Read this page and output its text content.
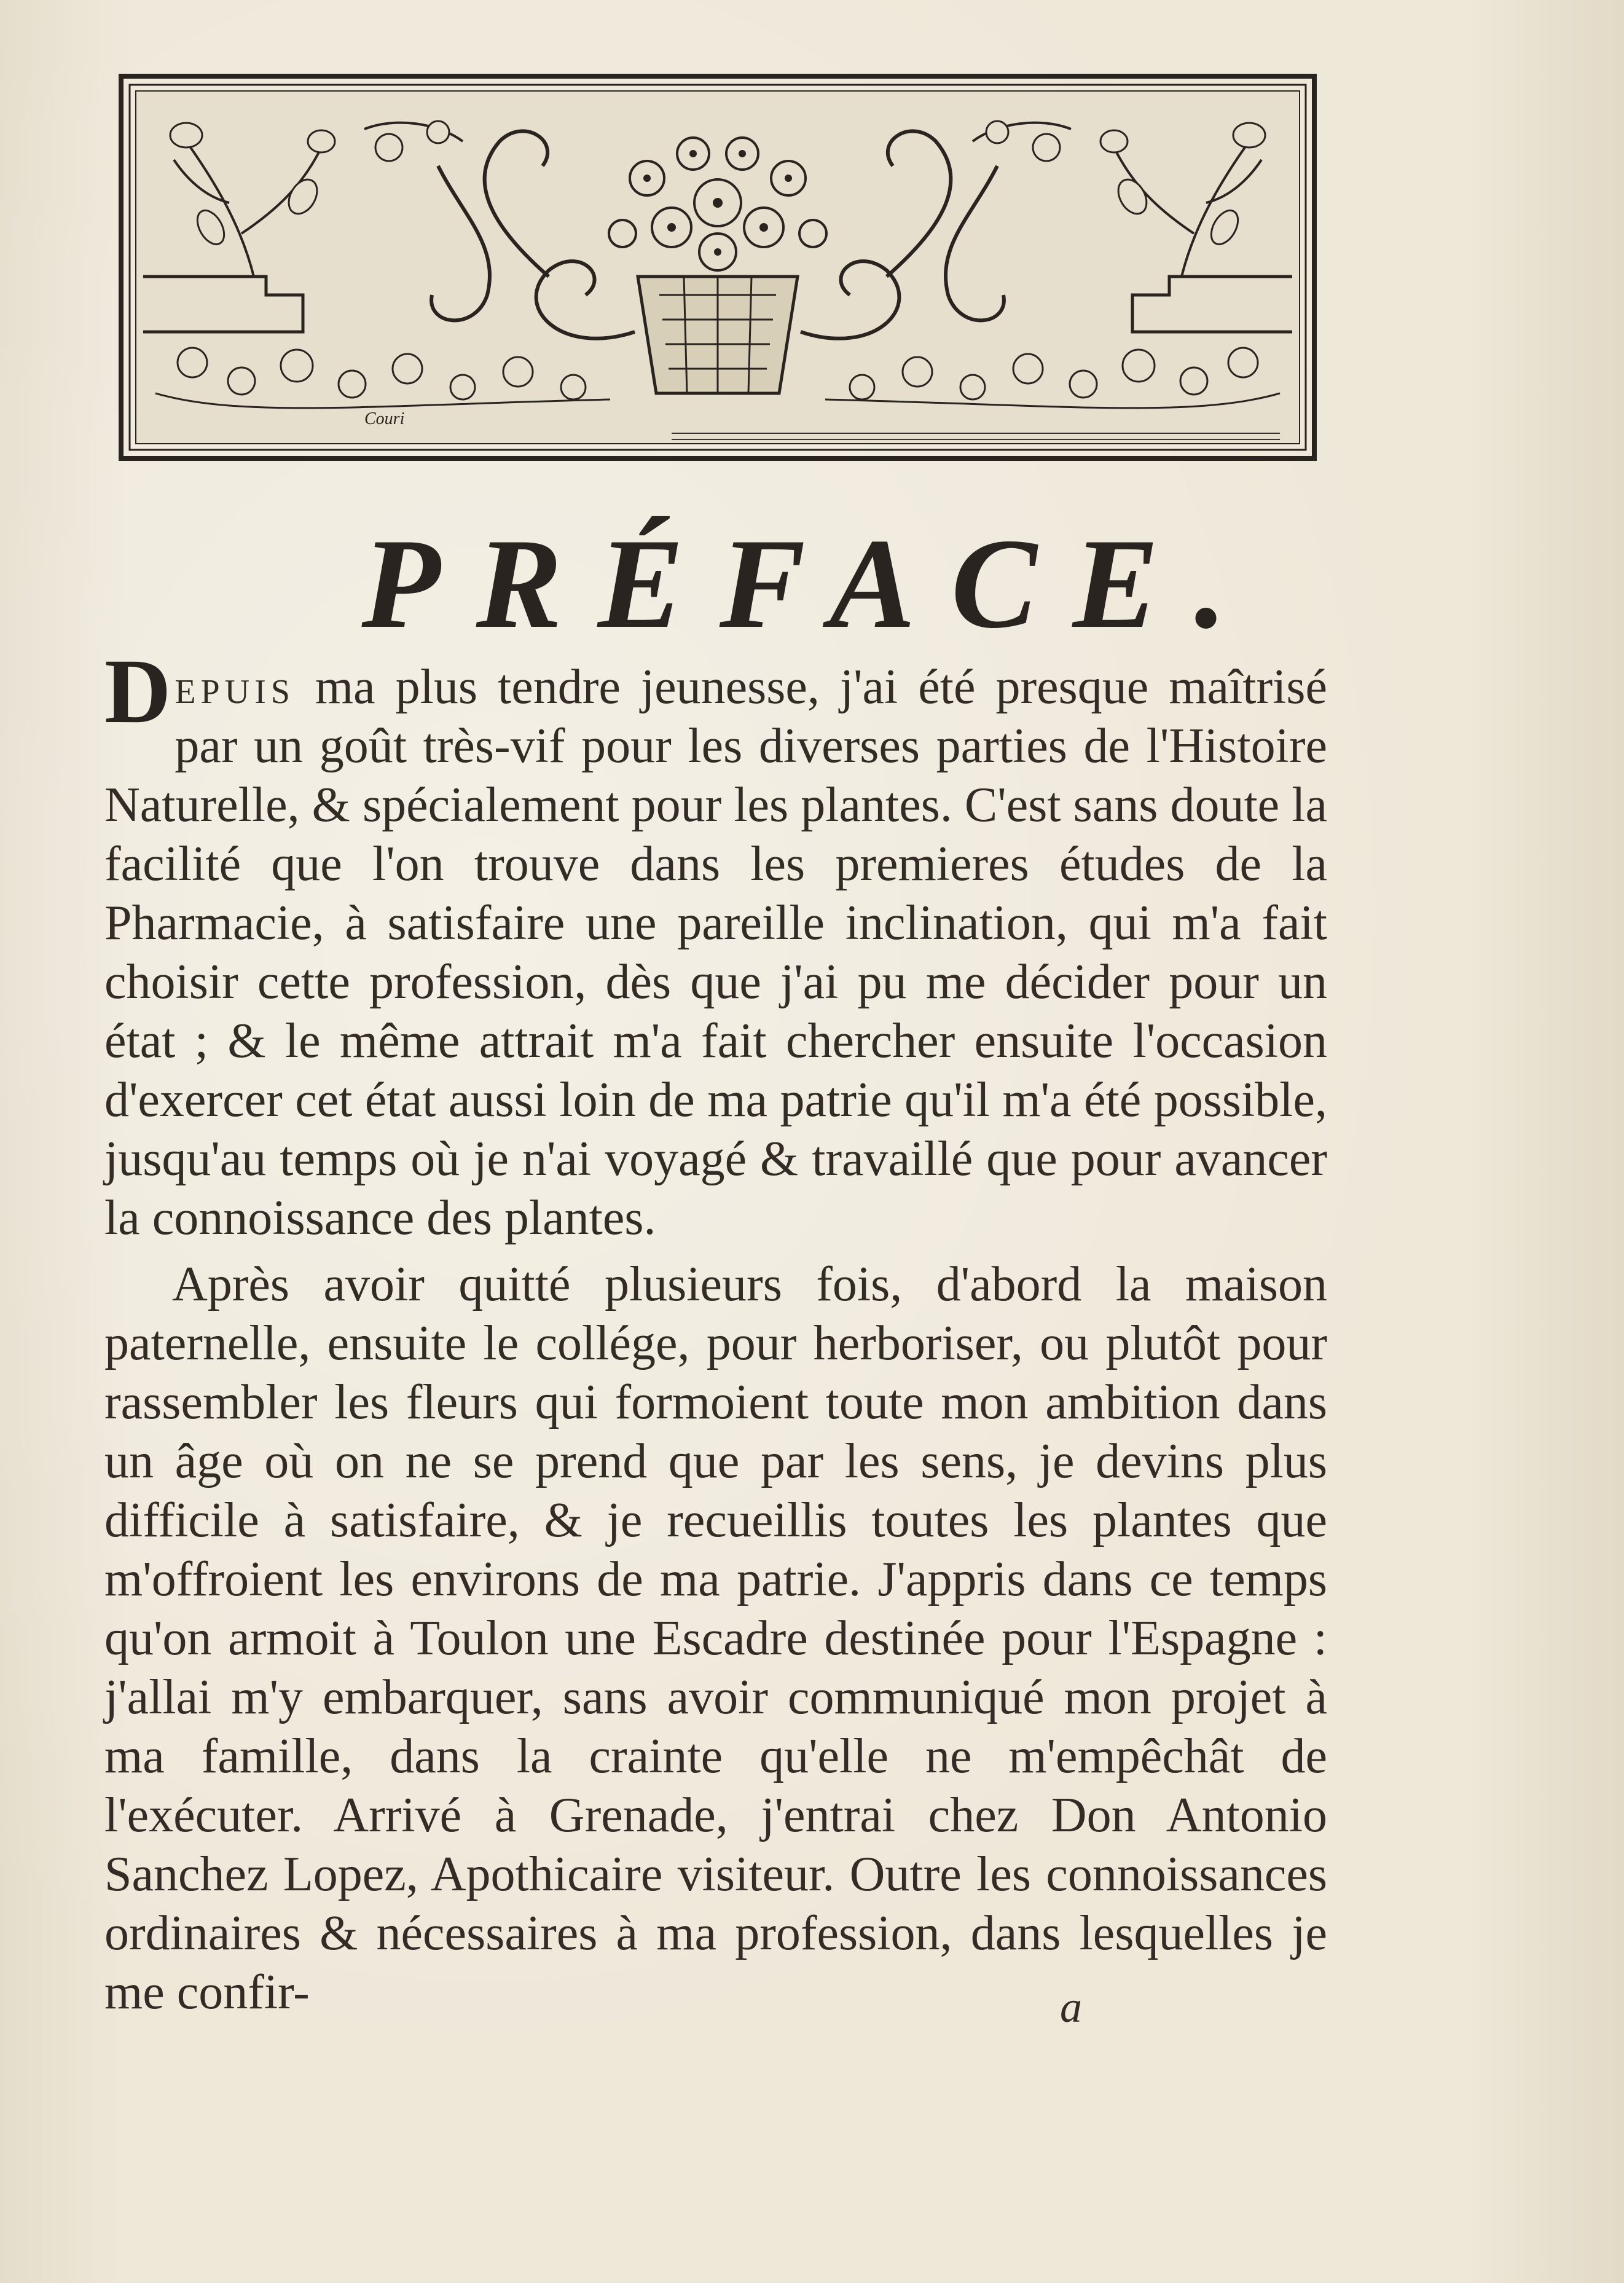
Couri
PRÉFACE.

Depuis ma plus tendre jeunesse, j'ai été presque maîtrisé par un goût très-vif pour les diverses parties de l'Histoire Naturelle, & spécialement pour les plantes. C'est sans doute la facilité que l'on trouve dans les premieres études de la Pharmacie, à satisfaire une pareille inclination, qui m'a fait choisir cette profession, dès que j'ai pu me décider pour un état ; & le même attrait m'a fait chercher ensuite l'occasion d'exercer cet état aussi loin de ma patrie qu'il m'a été possible, jusqu'au temps où je n'ai voyagé & travaillé que pour avancer la connoissance des plantes.

Après avoir quitté plusieurs fois, d'abord la maison paternelle, ensuite le collége, pour herboriser, ou plutôt pour rassembler les fleurs qui formoient toute mon ambition dans un âge où on ne se prend que par les sens, je devins plus difficile à satisfaire, & je recueillis toutes les plantes que m'offroient les environs de ma patrie. J'appris dans ce temps qu'on armoit à Toulon une Escadre destinée pour l'Espagne : j'allai m'y embarquer, sans avoir communiqué mon projet à ma famille, dans la crainte qu'elle ne m'empêchât de l'exécuter. Arrivé à Grenade, j'entrai chez Don Antonio Sanchez Lopez, Apothicaire visiteur. Outre les connoissances ordinaires & nécessaires à ma profession, dans lesquelles je me confir-	a
